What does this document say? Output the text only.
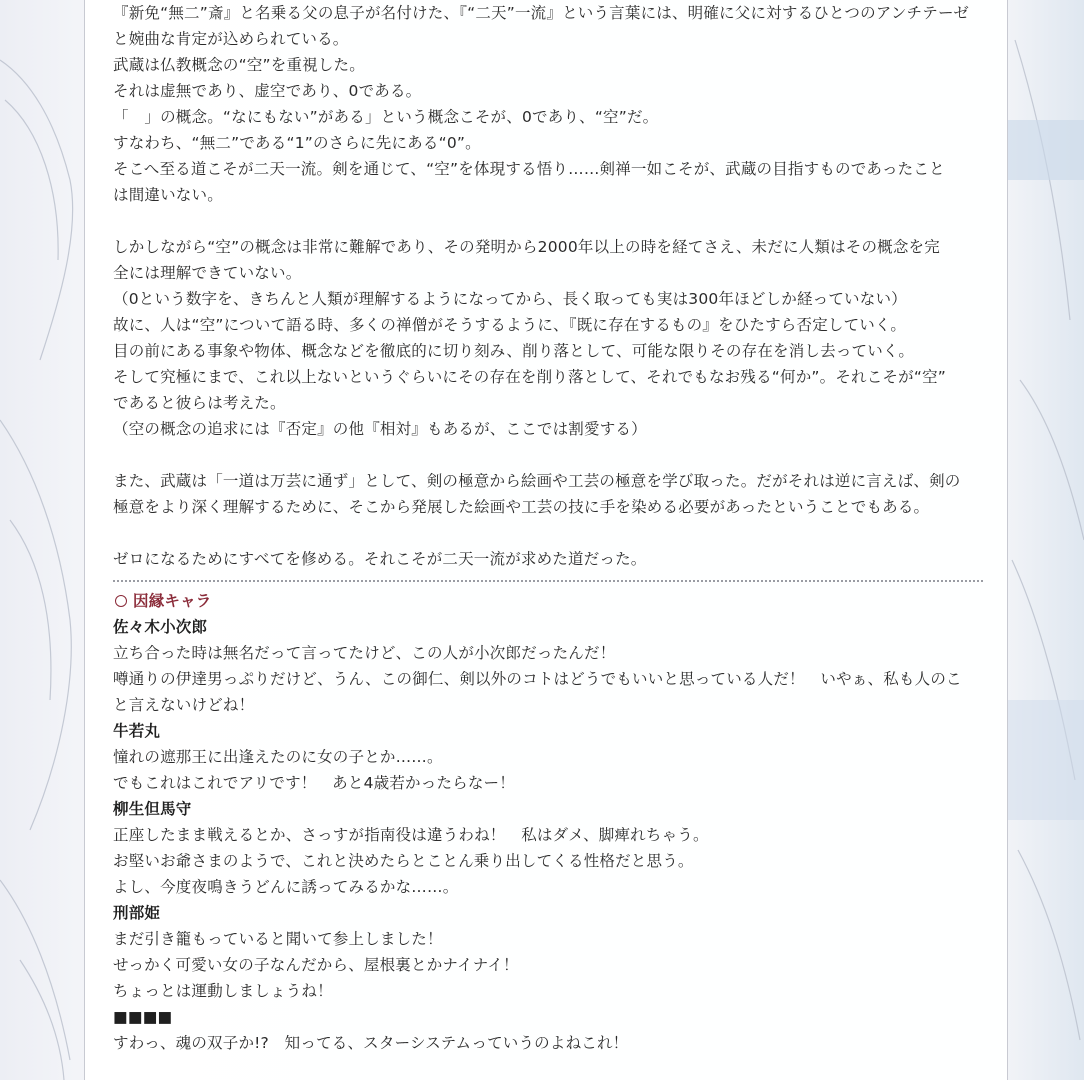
『新免“無二”斎』と名乗る父の息子が名付けた、『“二天”一流』という言葉には、明確に父に対するひとつのアンチテーゼ
と婉曲な肯定が込められている。
武蔵は仏教概念の“空”を重視した。
それは虚無であり、虚空であり、0である。
「　」の概念。“なにもない”がある」という概念こそが、0であり、“空”だ。
すなわち、“無二”である“1”のさらに先にある“0”。
そこへ至る道こそが二天一流。剣を通じて、“空”を体現する悟り……剣禅一如こそが、武蔵の目指すものであったこと
は間違いない。
しかしながら“空”の概念は非常に難解であり、その発明から2000年以上の時を経てさえ、未だに人類はその概念を完
全には理解できていない。
（0という数字を、きちんと人類が理解するようになってから、長く取っても実は300年ほどしか経っていない）
故に、人は“空”について語る時、多くの禅僧がそうするように、『既に存在するもの』をひたすら否定していく。
目の前にある事象や物体、概念などを徹底的に切り刻み、削り落として、可能な限りその存在を消し去っていく。
そして究極にまで、これ以上ないというぐらいにその存在を削り落として、それでもなお残る“何か”。それこそが“空”
であると彼らは考えた。
（空の概念の追求には『否定』の他『相対』もあるが、ここでは割愛する）
また、武蔵は「一道は万芸に通ず」として、剣の極意から絵画や工芸の極意を学び取った。だがそれは逆に言えば、剣の
極意をより深く理解するために、そこから発展した絵画や工芸の技に手を染める必要があったということでもある。
ゼロになるためにすべてを修める。それこそが二天一流が求めた道だった。
因縁キャラ
佐々木小次郎
立ち合った時は無名だって言ってたけど、この人が小次郎だったんだ！
噂通りの伊達男っぷりだけど、うん、この御仁、剣以外のコトはどうでもいいと思っている人だ！　いやぁ、私も人のこ
と言えないけどね！
牛若丸
憧れの遮那王に出逢えたのに女の子とか……。
でもこれはこれでアリです！　あと4歳若かったらなー！
柳生但馬守
正座したまま戦えるとか、さっすが指南役は違うわね！　私はダメ、脚痺れちゃう。
お堅いお爺さまのようで、これと決めたらとことん乗り出してくる性格だと思う。
よし、今度夜鳴きうどんに誘ってみるかな……。
刑部姫
まだ引き籠もっていると聞いて参上しました！
せっかく可愛い女の子なんだから、屋根裏とかナイナイ！
ちょっとは運動しましょうね！
■■■■
すわっ、魂の双子か!?　知ってる、スターシステムっていうのよねこれ！
